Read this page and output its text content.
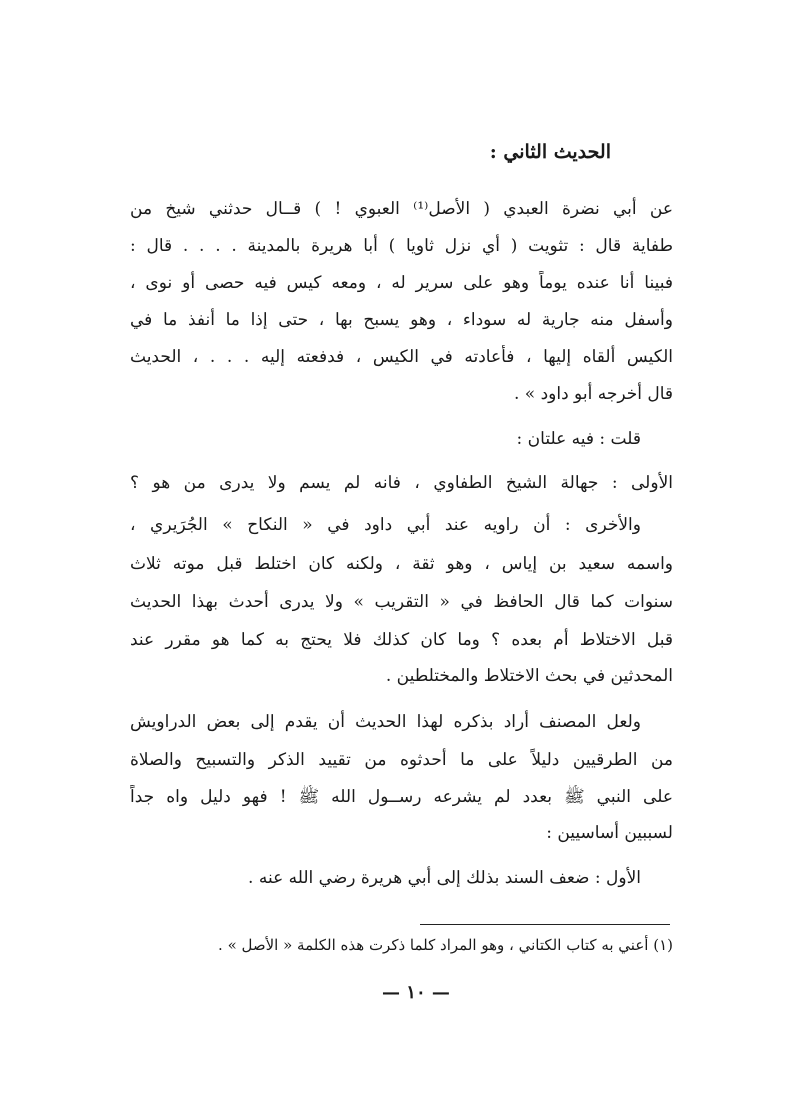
الحديث الثاني :
عن أبي نضرة العبدي ( الأصل⁽¹⁾ العبوي ! ) قــال حدثني شيخ من
طفاية قال : تثويت ( أي نزل ثاويا ) أبا هريرة بالمدينة . . . . قال :
فبينا أنا عنده يوماً وهو على سرير له ، ومعه كيس فيه حصى أو نوى ،
وأسفل منه جارية له سوداء ، وهو يسبح بها ، حتى إذا ما أنفذ ما في
الكيس ألقاه إليها ، فأعادته في الكيس ، فدفعته إليه . . . ، الحديث
قال أخرجه أبو داود » .
قلت : فيه علتان :
الأولى : جهالة الشيخ الطفاوي ، فانه لم يسم ولا يدرى من هو ؟
والأخرى : أن راويه عند أبي داود في « النكاح » الجُرَيري ،
واسمه سعيد بن إياس ، وهو ثقة ، ولكنه كان اختلط قبل موته ثلاث
سنوات كما قال الحافظ في « التقريب » ولا يدرى أحدث بهذا الحديث
قبل الاختلاط أم بعده ؟ وما كان كذلك فلا يحتج به كما هو مقرر عند
المحدثين في بحث الاختلاط والمختلطين .
ولعل المصنف أراد بذكره لهذا الحديث أن يقدم إلى بعض الدراويش
من الطرقيين دليلاً على ما أحدثوه من تقييد الذكر والتسبيح والصلاة
على النبي ﷺ بعدد لم يشرعه رســول الله ﷺ ! فهو دليل واه جداً
لسببين أساسيين :
الأول : ضعف السند بذلك إلى أبي هريرة رضي الله عنه .
(١) أعني به كتاب الكتاني ، وهو المراد كلما ذكرت هذه الكلمة « الأصل » .
— ١٠ —
